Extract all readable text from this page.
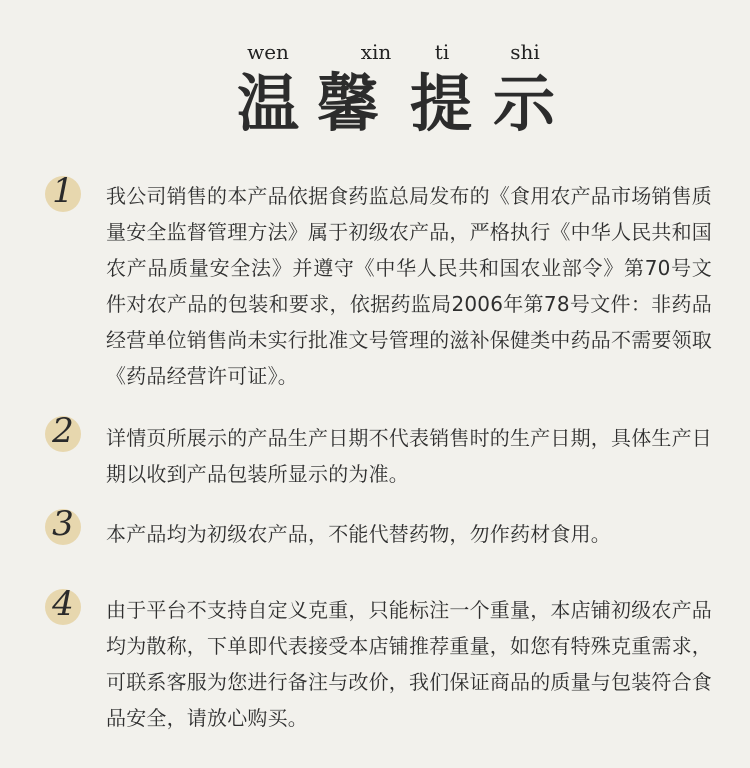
wen	xin ti	shi
温 馨 提 示
1	我公司销售的本产品依据食药监总局发布的《食用农产品市场销售质量安全监督管理方法》属于初级农产品，严格执行《中华人民共和国农产品质量安全法》并遵守《中华人民共和国农业部令》第70号文件对农产品的包装和要求，依据药监局2006年第78号文件：非药品经营单位销售尚未实行批准文号管理的滋补保健类中药品不需要领取《药品经营许可证》。
2	详情页所展示的产品生产日期不代表销售时的生产日期，具体生产日期以收到产品包装所显示的为准。
3	本产品均为初级农产品，不能代替药物，勿作药材食用。
4	由于平台不支持自定义克重，只能标注一个重量，本店铺初级农产品均为散称，下单即代表接受本店铺推荐重量，如您有特殊克重需求，可联系客服为您进行备注与改价，我们保证商品的质量与包装符合食品安全，请放心购买。
